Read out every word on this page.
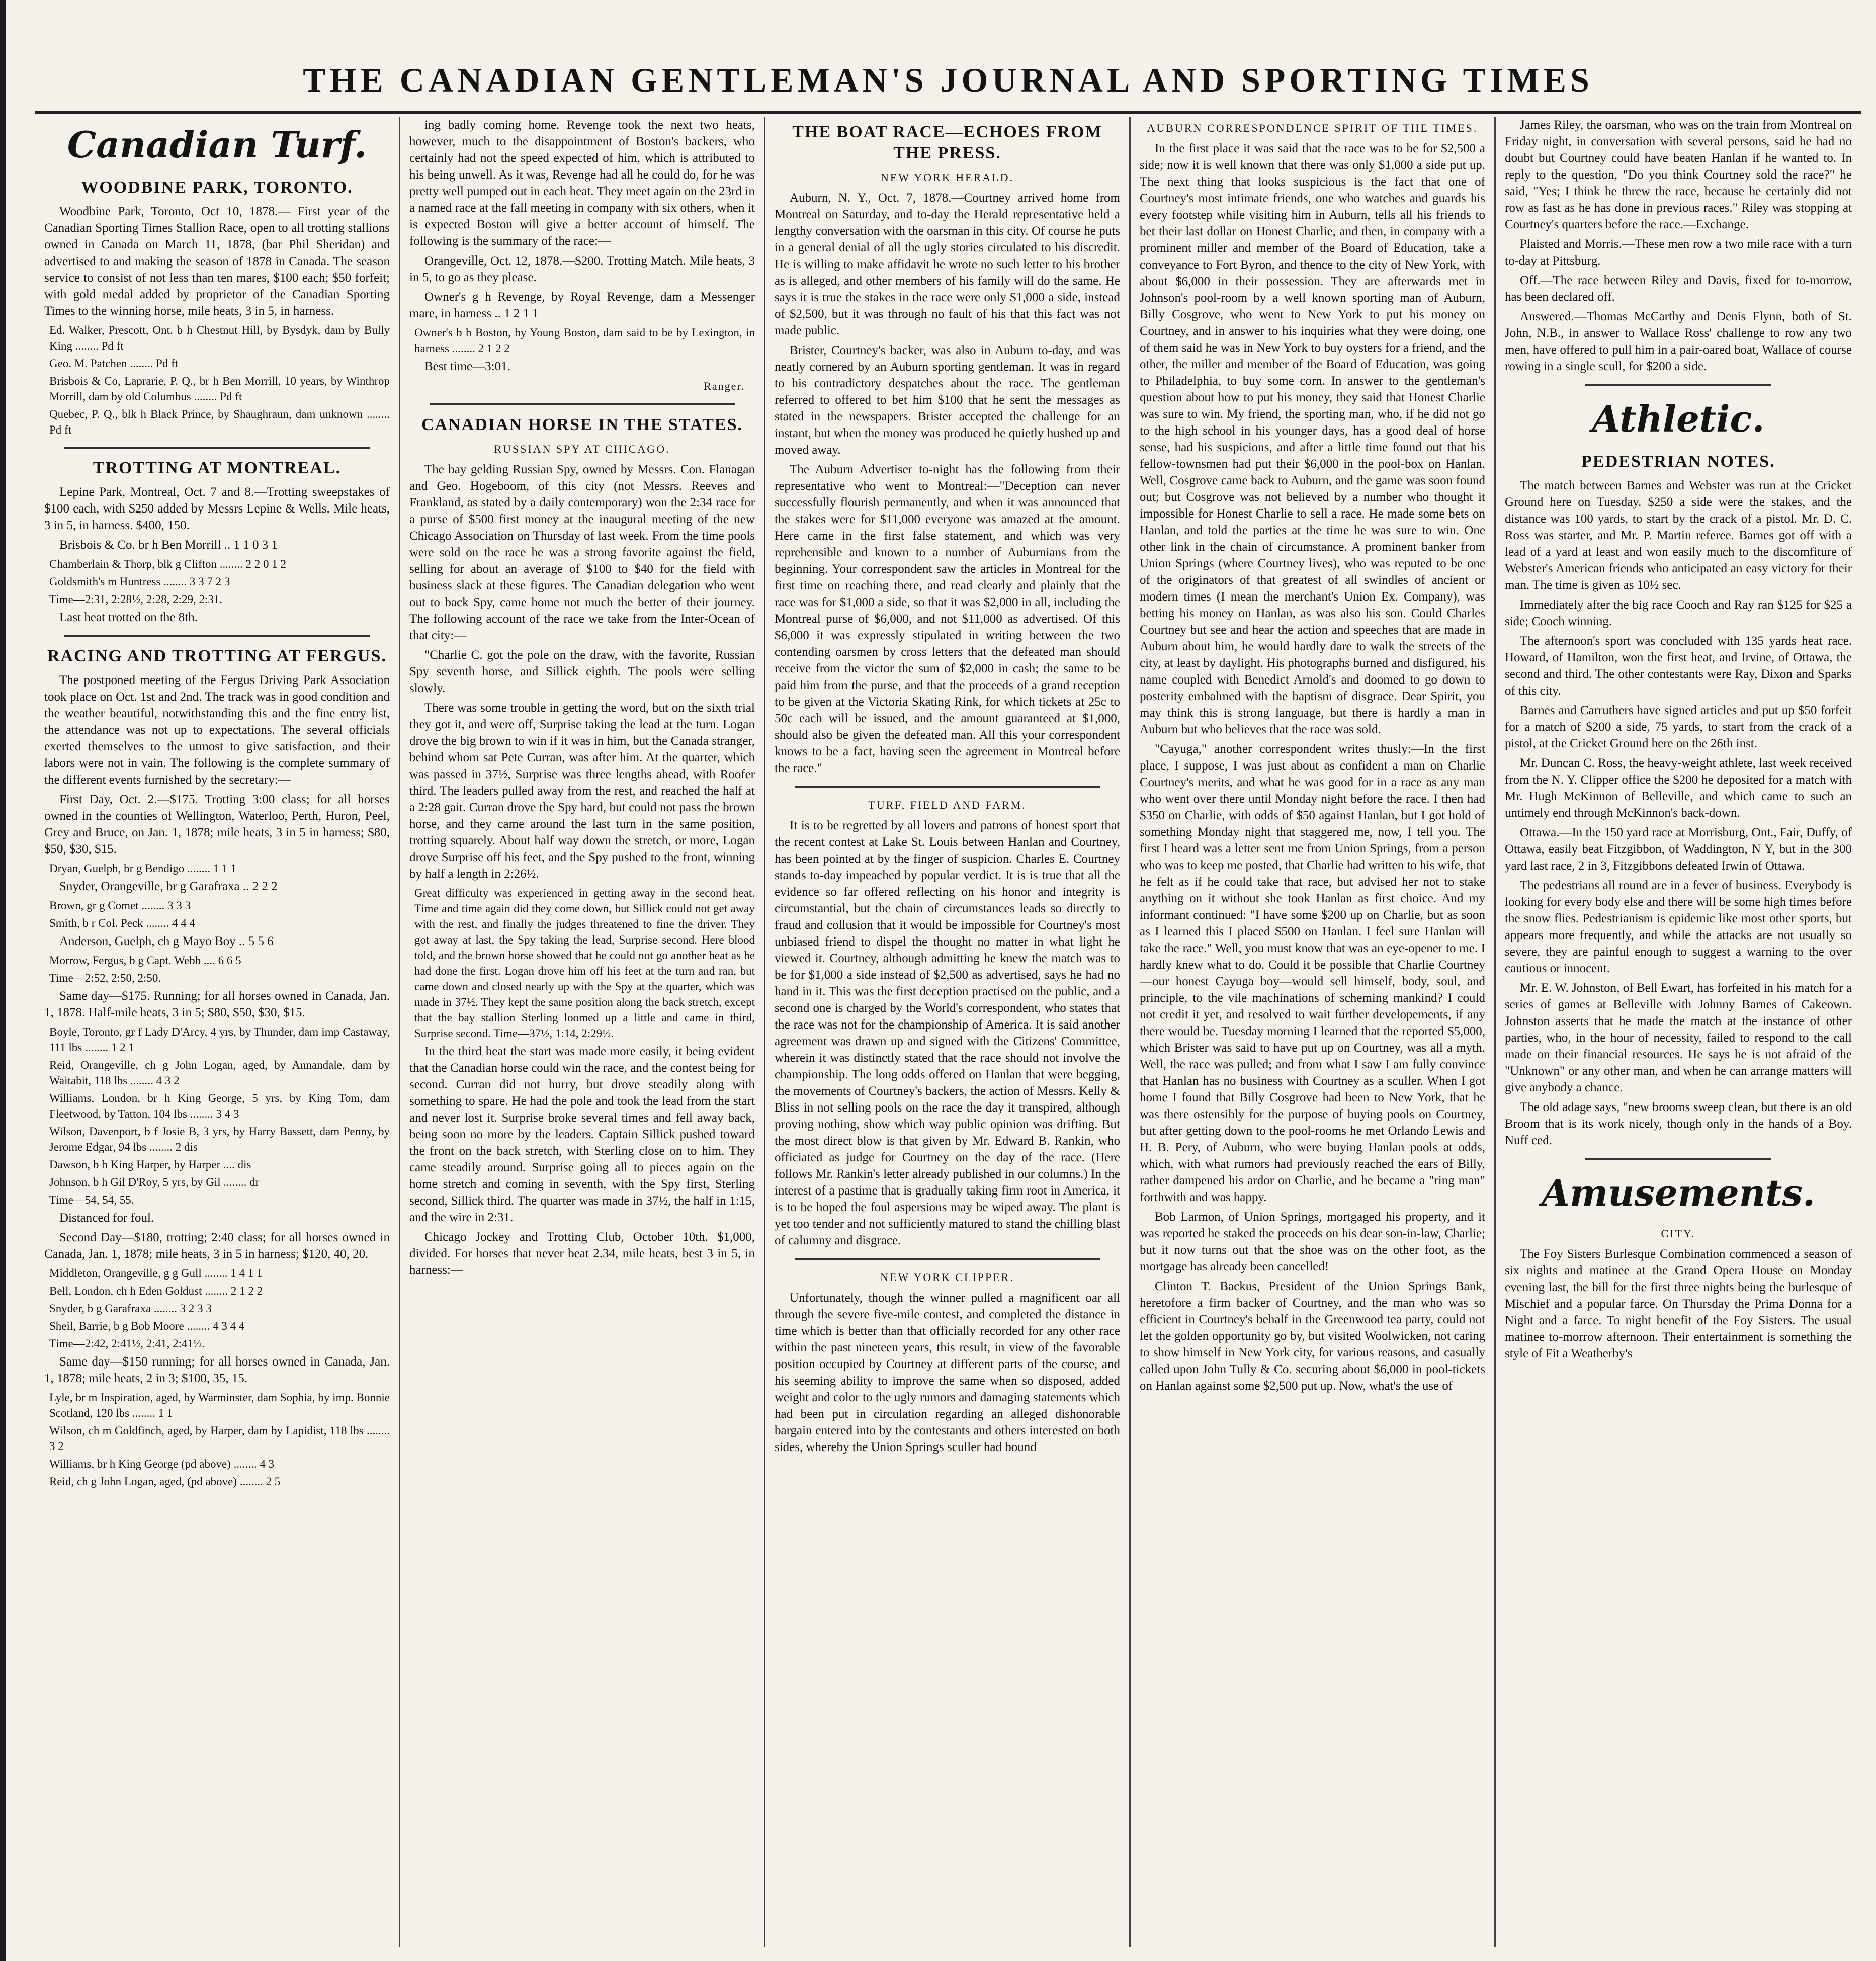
THE CANADIAN GENTLEMAN'S JOURNAL AND SPORTING TIMES
Canadian Turf.
WOODBINE PARK, TORONTO.

Woodbine Park, Toronto, Oct 10, 1878.— First year of the Canadian Sporting Times Stallion Race, open to all trotting stallions owned in Canada on March 11, 1878, (bar Phil Sheridan) and advertised to and making the season of 1878 in Canada. The season service to consist of not less than ten mares, $100 each; $50 forfeit; with gold medal added by proprietor of the Canadian Sporting Times to the winning horse, mile heats, 3 in 5, in harness.

Ed. Walker, Prescott, Ont. b h Chestnut Hill, by Bysdyk, dam by Bully King ........ Pd ft

Geo. M. Patchen ........ Pd ft

Brisbois & Co, Laprarie, P. Q., br h Ben Morrill, 10 years, by Winthrop Morrill, dam by old Columbus ........ Pd ft

Quebec, P. Q., blk h Black Prince, by Shaughraun, dam unknown ........ Pd ft

TROTTING AT MONTREAL.

Lepine Park, Montreal, Oct. 7 and 8.—Trotting sweepstakes of $100 each, with $250 added by Messrs Lepine & Wells. Mile heats, 3 in 5, in harness. $400, 150.

Brisbois & Co. br h Ben Morrill .. 1 1 0 3 1

Chamberlain & Thorp, blk g Clifton ........ 2 2 0 1 2

Goldsmith's m Huntress ........ 3 3 7 2 3

Time—2:31, 2:28½, 2:28, 2:29, 2:31.

Last heat trotted on the 8th.

RACING AND TROTTING AT FERGUS.

The postponed meeting of the Fergus Driving Park Association took place on Oct. 1st and 2nd. The track was in good condition and the weather beautiful, notwithstanding this and the fine entry list, the attendance was not up to expectations. The several officials exerted themselves to the utmost to give satisfaction, and their labors were not in vain. The following is the complete summary of the different events furnished by the secretary:—

First Day, Oct. 2.—$175. Trotting 3:00 class; for all horses owned in the counties of Wellington, Waterloo, Perth, Huron, Peel, Grey and Bruce, on Jan. 1, 1878; mile heats, 3 in 5 in harness; $80, $50, $30, $15.

Dryan, Guelph, br g Bendigo ........ 1 1 1

Snyder, Orangeville, br g Garafraxa .. 2 2 2

Brown, gr g Comet ........ 3 3 3

Smith, b r Col. Peck ........ 4 4 4

Anderson, Guelph, ch g Mayo Boy .. 5 5 6

Morrow, Fergus, b g Capt. Webb .... 6 6 5

Time—2:52, 2:50, 2:50.

Same day—$175. Running; for all horses owned in Canada, Jan. 1, 1878. Half-mile heats, 3 in 5; $80, $50, $30, $15.

Boyle, Toronto, gr f Lady D'Arcy, 4 yrs, by Thunder, dam imp Castaway, 111 lbs ........ 1 2 1

Reid, Orangeville, ch g John Logan, aged, by Annandale, dam by Waitabit, 118 lbs ........ 4 3 2

Williams, London, br h King George, 5 yrs, by King Tom, dam Fleetwood, by Tatton, 104 lbs ........ 3 4 3

Wilson, Davenport, b f Josie B, 3 yrs, by Harry Bassett, dam Penny, by Jerome Edgar, 94 lbs ........ 2 dis

Dawson, b h King Harper, by Harper .... dis

Johnson, b h Gil D'Roy, 5 yrs, by Gil ........ dr

Time—54, 54, 55.

Distanced for foul.

Second Day—$180, trotting; 2:40 class; for all horses owned in Canada, Jan. 1, 1878; mile heats, 3 in 5 in harness; $120, 40, 20.

Middleton, Orangeville, g g Gull ........ 1 4 1 1

Bell, London, ch h Eden Goldust ........ 2 1 2 2

Snyder, b g Garafraxa ........ 3 2 3 3

Sheil, Barrie, b g Bob Moore ........ 4 3 4 4

Time—2:42, 2:41½, 2:41, 2:41½.

Same day—$150 running; for all horses owned in Canada, Jan. 1, 1878; mile heats, 2 in 3; $100, 35, 15.

Lyle, br m Inspiration, aged, by Warminster, dam Sophia, by imp. Bonnie Scotland, 120 lbs ........ 1 1

Wilson, ch m Goldfinch, aged, by Harper, dam by Lapidist, 118 lbs ........ 3 2

Williams, br h King George (pd above) ........ 4 3

Reid, ch g John Logan, aged, (pd above) ........ 2 5

ing badly coming home. Revenge took the next two heats, however, much to the disappointment of Boston's backers, who certainly had not the speed expected of him, which is attributed to his being unwell. As it was, Revenge had all he could do, for he was pretty well pumped out in each heat. They meet again on the 23rd in a named race at the fall meeting in company with six others, when it is expected Boston will give a better account of himself. The following is the summary of the race:—

Orangeville, Oct. 12, 1878.—$200. Trotting Match. Mile heats, 3 in 5, to go as they please.

Owner's g h Revenge, by Royal Revenge, dam a Messenger mare, in harness .. 1 2 1 1

Owner's b h Boston, by Young Boston, dam said to be by Lexington, in harness ........ 2 1 2 2

Best time—3:01.

Ranger.
CANADIAN HORSE IN THE STATES.
RUSSIAN SPY AT CHICAGO.

The bay gelding Russian Spy, owned by Messrs. Con. Flanagan and Geo. Hogeboom, of this city (not Messrs. Reeves and Frankland, as stated by a daily contemporary) won the 2:34 race for a purse of $500 first money at the inaugural meeting of the new Chicago Association on Thursday of last week. From the time pools were sold on the race he was a strong favorite against the field, selling for about an average of $100 to $40 for the field with business slack at these figures. The Canadian delegation who went out to back Spy, came home not much the better of their journey. The following account of the race we take from the Inter-Ocean of that city:—

"Charlie C. got the pole on the draw, with the favorite, Russian Spy seventh horse, and Sillick eighth. The pools were selling slowly.

There was some trouble in getting the word, but on the sixth trial they got it, and were off, Surprise taking the lead at the turn. Logan drove the big brown to win if it was in him, but the Canada stranger, behind whom sat Pete Curran, was after him. At the quarter, which was passed in 37½, Surprise was three lengths ahead, with Roofer third. The leaders pulled away from the rest, and reached the half at a 2:28 gait. Curran drove the Spy hard, but could not pass the brown horse, and they came around the last turn in the same position, trotting squarely. About half way down the stretch, or more, Logan drove Surprise off his feet, and the Spy pushed to the front, winning by half a length in 2:26½.

Great difficulty was experienced in getting away in the second heat. Time and time again did they come down, but Sillick could not get away with the rest, and finally the judges threatened to fine the driver. They got away at last, the Spy taking the lead, Surprise second. Here blood told, and the brown horse showed that he could not go another heat as he had done the first. Logan drove him off his feet at the turn and ran, but came down and closed nearly up with the Spy at the quarter, which was made in 37½. They kept the same position along the back stretch, except that the bay stallion Sterling loomed up a little and came in third, Surprise second. Time—37½, 1:14, 2:29½.

In the third heat the start was made more easily, it being evident that the Canadian horse could win the race, and the contest being for second. Curran did not hurry, but drove steadily along with something to spare. He had the pole and took the lead from the start and never lost it. Surprise broke several times and fell away back, being soon no more by the leaders. Captain Sillick pushed toward the front on the back stretch, with Sterling close on to him. They came steadily around. Surprise going all to pieces again on the home stretch and coming in seventh, with the Spy first, Sterling second, Sillick third. The quarter was made in 37½, the half in 1:15, and the wire in 2:31.

Chicago Jockey and Trotting Club, October 10th. $1,000, divided. For horses that never beat 2.34, mile heats, best 3 in 5, in harness:—

THE BOAT RACE—ECHOES FROM THE PRESS.
NEW YORK HERALD.

Auburn, N. Y., Oct. 7, 1878.—Courtney arrived home from Montreal on Saturday, and to-day the Herald representative held a lengthy conversation with the oarsman in this city. Of course he puts in a general denial of all the ugly stories circulated to his discredit. He is willing to make affidavit he wrote no such letter to his brother as is alleged, and other members of his family will do the same. He says it is true the stakes in the race were only $1,000 a side, instead of $2,500, but it was through no fault of his that this fact was not made public.

Brister, Courtney's backer, was also in Auburn to-day, and was neatly cornered by an Auburn sporting gentleman. It was in regard to his contradictory despatches about the race. The gentleman referred to offered to bet him $100 that he sent the messages as stated in the newspapers. Brister accepted the challenge for an instant, but when the money was produced he quietly hushed up and moved away.

The Auburn Advertiser to-night has the following from their representative who went to Montreal:—"Deception can never successfully flourish permanently, and when it was announced that the stakes were for $11,000 everyone was amazed at the amount. Here came in the first false statement, and which was very reprehensible and known to a number of Auburnians from the beginning. Your correspondent saw the articles in Montreal for the first time on reaching there, and read clearly and plainly that the race was for $1,000 a side, so that it was $2,000 in all, including the Montreal purse of $6,000, and not $11,000 as advertised. Of this $6,000 it was expressly stipulated in writing between the two contending oarsmen by cross letters that the defeated man should receive from the victor the sum of $2,000 in cash; the same to be paid him from the purse, and that the proceeds of a grand reception to be given at the Victoria Skating Rink, for which tickets at 25c to 50c each will be issued, and the amount guaranteed at $1,000, should also be given the defeated man. All this your correspondent knows to be a fact, having seen the agreement in Montreal before the race."

TURF, FIELD AND FARM.

It is to be regretted by all lovers and patrons of honest sport that the recent contest at Lake St. Louis between Hanlan and Courtney, has been pointed at by the finger of suspicion. Charles E. Courtney stands to-day impeached by popular verdict. It is is true that all the evidence so far offered reflecting on his honor and integrity is circumstantial, but the chain of circumstances leads so directly to fraud and collusion that it would be impossible for Courtney's most unbiased friend to dispel the thought no matter in what light he viewed it. Courtney, although admitting he knew the match was to be for $1,000 a side instead of $2,500 as advertised, says he had no hand in it. This was the first deception practised on the public, and a second one is charged by the World's correspondent, who states that the race was not for the championship of America. It is said another agreement was drawn up and signed with the Citizens' Committee, wherein it was distinctly stated that the race should not involve the championship. The long odds offered on Hanlan that were begging, the movements of Courtney's backers, the action of Messrs. Kelly & Bliss in not selling pools on the race the day it transpired, although proving nothing, show which way public opinion was drifting. But the most direct blow is that given by Mr. Edward B. Rankin, who officiated as judge for Courtney on the day of the race. (Here follows Mr. Rankin's letter already published in our columns.) In the interest of a pastime that is gradually taking firm root in America, it is to be hoped the foul aspersions may be wiped away. The plant is yet too tender and not sufficiently matured to stand the chilling blast of calumny and disgrace.

NEW YORK CLIPPER.

Unfortunately, though the winner pulled a magnificent oar all through the severe five-mile contest, and completed the distance in time which is better than that officially recorded for any other race within the past nineteen years, this result, in view of the favorable position occupied by Courtney at different parts of the course, and his seeming ability to improve the same when so disposed, added weight and color to the ugly rumors and damaging statements which had been put in circulation regarding an alleged dishonorable bargain entered into by the contestants and others interested on both sides, whereby the Union Springs sculler had bound

AUBURN CORRESPONDENCE SPIRIT OF THE TIMES.

In the first place it was said that the race was to be for $2,500 a side; now it is well known that there was only $1,000 a side put up. The next thing that looks suspicious is the fact that one of Courtney's most intimate friends, one who watches and guards his every footstep while visiting him in Auburn, tells all his friends to bet their last dollar on Honest Charlie, and then, in company with a prominent miller and member of the Board of Education, take a conveyance to Fort Byron, and thence to the city of New York, with about $6,000 in their possession. They are afterwards met in Johnson's pool-room by a well known sporting man of Auburn, Billy Cosgrove, who went to New York to put his money on Courtney, and in answer to his inquiries what they were doing, one of them said he was in New York to buy oysters for a friend, and the other, the miller and member of the Board of Education, was going to Philadelphia, to buy some corn. In answer to the gentleman's question about how to put his money, they said that Honest Charlie was sure to win. My friend, the sporting man, who, if he did not go to the high school in his younger days, has a good deal of horse sense, had his suspicions, and after a little time found out that his fellow-townsmen had put their $6,000 in the pool-box on Hanlan. Well, Cosgrove came back to Auburn, and the game was soon found out; but Cosgrove was not believed by a number who thought it impossible for Honest Charlie to sell a race. He made some bets on Hanlan, and told the parties at the time he was sure to win. One other link in the chain of circumstance. A prominent banker from Union Springs (where Courtney lives), who was reputed to be one of the originators of that greatest of all swindles of ancient or modern times (I mean the merchant's Union Ex. Company), was betting his money on Hanlan, as was also his son. Could Charles Courtney but see and hear the action and speeches that are made in Auburn about him, he would hardly dare to walk the streets of the city, at least by daylight. His photographs burned and disfigured, his name coupled with Benedict Arnold's and doomed to go down to posterity embalmed with the baptism of disgrace. Dear Spirit, you may think this is strong language, but there is hardly a man in Auburn but who believes that the race was sold.

"Cayuga," another correspondent writes thusly:—In the first place, I suppose, I was just about as confident a man on Charlie Courtney's merits, and what he was good for in a race as any man who went over there until Monday night before the race. I then had $350 on Charlie, with odds of $50 against Hanlan, but I got hold of something Monday night that staggered me, now, I tell you. The first I heard was a letter sent me from Union Springs, from a person who was to keep me posted, that Charlie had written to his wife, that he felt as if he could take that race, but advised her not to stake anything on it without she took Hanlan as first choice. And my informant continued: "I have some $200 up on Charlie, but as soon as I learned this I placed $500 on Hanlan. I feel sure Hanlan will take the race." Well, you must know that was an eye-opener to me. I hardly knew what to do. Could it be possible that Charlie Courtney—our honest Cayuga boy—would sell himself, body, soul, and principle, to the vile machinations of scheming mankind? I could not credit it yet, and resolved to wait further developements, if any there would be. Tuesday morning I learned that the reported $5,000, which Brister was said to have put up on Courtney, was all a myth. Well, the race was pulled; and from what I saw I am fully convince that Hanlan has no business with Courtney as a sculler. When I got home I found that Billy Cosgrove had been to New York, that he was there ostensibly for the purpose of buying pools on Courtney, but after getting down to the pool-rooms he met Orlando Lewis and H. B. Pery, of Auburn, who were buying Hanlan pools at odds, which, with what rumors had previously reached the ears of Billy, rather dampened his ardor on Charlie, and he became a "ring man" forthwith and was happy.

Bob Larmon, of Union Springs, mortgaged his property, and it was reported he staked the proceeds on his dear son-in-law, Charlie; but it now turns out that the shoe was on the other foot, as the mortgage has already been cancelled!

Clinton T. Backus, President of the Union Springs Bank, heretofore a firm backer of Courtney, and the man who was so efficient in Courtney's behalf in the Greenwood tea party, could not let the golden opportunity go by, but visited Woolwicken, not caring to show himself in New York city, for various reasons, and casually called upon John Tully & Co. securing about $6,000 in pool-tickets on Hanlan against some $2,500 put up. Now, what's the use of

James Riley, the oarsman, who was on the train from Montreal on Friday night, in conversation with several persons, said he had no doubt but Courtney could have beaten Hanlan if he wanted to. In reply to the question, "Do you think Courtney sold the race?" he said, "Yes; I think he threw the race, because he certainly did not row as fast as he has done in previous races." Riley was stopping at Courtney's quarters before the race.—Exchange.

Plaisted and Morris.—These men row a two mile race with a turn to-day at Pittsburg.

Off.—The race between Riley and Davis, fixed for to-morrow, has been declared off.

Answered.—Thomas McCarthy and Denis Flynn, both of St. John, N.B., in answer to Wallace Ross' challenge to row any two men, have offered to pull him in a pair-oared boat, Wallace of course rowing in a single scull, for $200 a side.

Athletic.
PEDESTRIAN NOTES.

The match between Barnes and Webster was run at the Cricket Ground here on Tuesday. $250 a side were the stakes, and the distance was 100 yards, to start by the crack of a pistol. Mr. D. C. Ross was starter, and Mr. P. Martin referee. Barnes got off with a lead of a yard at least and won easily much to the discomfiture of Webster's American friends who anticipated an easy victory for their man. The time is given as 10½ sec.

Immediately after the big race Cooch and Ray ran $125 for $25 a side; Cooch winning.

The afternoon's sport was concluded with 135 yards heat race. Howard, of Hamilton, won the first heat, and Irvine, of Ottawa, the second and third. The other contestants were Ray, Dixon and Sparks of this city.

Barnes and Carruthers have signed articles and put up $50 forfeit for a match of $200 a side, 75 yards, to start from the crack of a pistol, at the Cricket Ground here on the 26th inst.

Mr. Duncan C. Ross, the heavy-weight athlete, last week received from the N. Y. Clipper office the $200 he deposited for a match with Mr. Hugh McKinnon of Belleville, and which came to such an untimely end through McKinnon's back-down.

Ottawa.—In the 150 yard race at Morrisburg, Ont., Fair, Duffy, of Ottawa, easily beat Fitzgibbon, of Waddington, N Y, but in the 300 yard last race, 2 in 3, Fitzgibbons defeated Irwin of Ottawa.

The pedestrians all round are in a fever of business. Everybody is looking for every body else and there will be some high times before the snow flies. Pedestrianism is epidemic like most other sports, but appears more frequently, and while the attacks are not usually so severe, they are painful enough to suggest a warning to the over cautious or innocent.

Mr. E. W. Johnston, of Bell Ewart, has forfeited in his match for a series of games at Belleville with Johnny Barnes of Cakeown. Johnston asserts that he made the match at the instance of other parties, who, in the hour of necessity, failed to respond to the call made on their financial resources. He says he is not afraid of the "Unknown" or any other man, and when he can arrange matters will give anybody a chance.

The old adage says, "new brooms sweep clean, but there is an old Broom that is its work nicely, though only in the hands of a Boy. Nuff ced.

Amusements.
CITY.

The Foy Sisters Burlesque Combination commenced a season of six nights and matinee at the Grand Opera House on Monday evening last, the bill for the first three nights being the burlesque of Mischief and a popular farce. On Thursday the Prima Donna for a Night and a farce. To night benefit of the Foy Sisters. The usual matinee to-morrow afternoon. Their entertainment is something the style of Fit a Weatherby's
